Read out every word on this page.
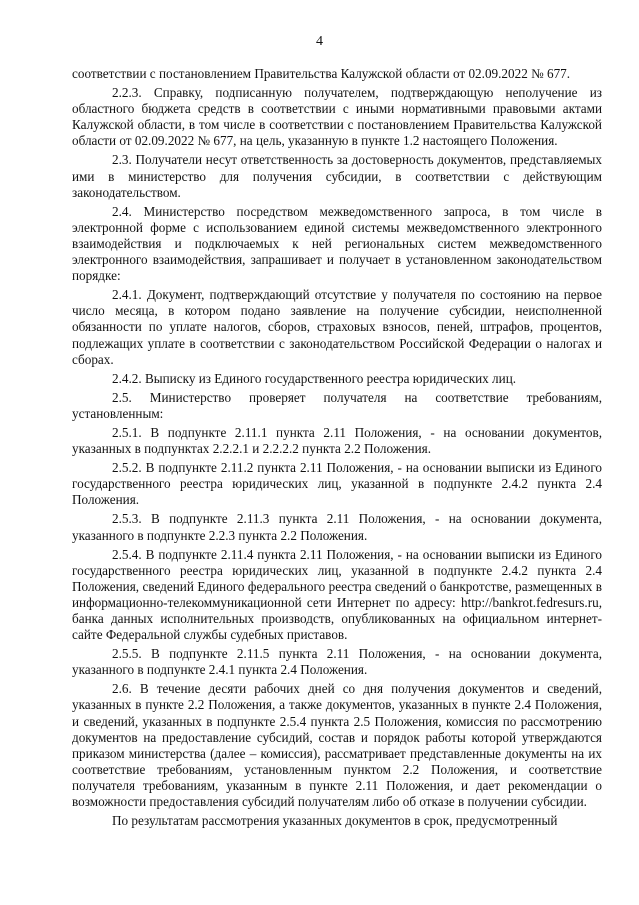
4

соответствии с постановлением Правительства Калужской области от 02.09.2022 № 677.

2.2.3. Справку, подписанную получателем, подтверждающую неполучение из областного бюджета средств в соответствии с иными нормативными правовыми актами Калужской области, в том числе в соответствии с постановлением Правительства Калужской области от 02.09.2022 № 677, на цель, указанную в пункте 1.2 настоящего Положения.

2.3. Получатели несут ответственность за достоверность документов, представляемых ими в министерство для получения субсидии, в соответствии с действующим законодательством.

2.4. Министерство посредством межведомственного запроса, в том числе в электронной форме с использованием единой системы межведомственного электронного взаимодействия и подключаемых к ней региональных систем межведомственного электронного взаимодействия, запрашивает и получает в установленном законодательством порядке:

2.4.1. Документ, подтверждающий отсутствие у получателя по состоянию на первое число месяца, в котором подано заявление на получение субсидии, неисполненной обязанности по уплате налогов, сборов, страховых взносов, пеней, штрафов, процентов, подлежащих уплате в соответствии с законодательством Российской Федерации о налогах и сборах.

2.4.2. Выписку из Единого государственного реестра юридических лиц.

2.5. Министерство проверяет получателя на соответствие требованиям, установленным:

2.5.1. В подпункте 2.11.1 пункта 2.11 Положения, - на основании документов, указанных в подпунктах 2.2.2.1 и 2.2.2.2 пункта 2.2 Положения.

2.5.2. В подпункте 2.11.2 пункта 2.11 Положения, - на основании выписки из Единого государственного реестра юридических лиц, указанной в подпункте 2.4.2 пункта 2.4 Положения.

2.5.3. В подпункте 2.11.3 пункта 2.11 Положения, - на основании документа, указанного в подпункте 2.2.3 пункта 2.2 Положения.

2.5.4. В подпункте 2.11.4 пункта 2.11 Положения, - на основании выписки из Единого государственного реестра юридических лиц, указанной в подпункте 2.4.2 пункта 2.4 Положения, сведений Единого федерального реестра сведений о банкротстве, размещенных в информационно-телекоммуникационной сети Интернет по адресу: http://bankrot.fedresurs.ru, банка данных исполнительных производств, опубликованных на официальном интернет-сайте Федеральной службы судебных приставов.

2.5.5. В подпункте 2.11.5 пункта 2.11 Положения, - на основании документа, указанного в подпункте 2.4.1 пункта 2.4 Положения.

2.6. В течение десяти рабочих дней со дня получения документов и сведений, указанных в пункте 2.2 Положения, а также документов, указанных в пункте 2.4 Положения, и сведений, указанных в подпункте 2.5.4 пункта 2.5 Положения, комиссия по рассмотрению документов на предоставление субсидий, состав и порядок работы которой утверждаются приказом министерства (далее – комиссия), рассматривает представленные документы на их соответствие требованиям, установленным пунктом 2.2 Положения, и соответствие получателя требованиям, указанным в пункте 2.11 Положения, и дает рекомендации о возможности предоставления субсидий получателям либо об отказе в получении субсидии.

По результатам рассмотрения указанных документов в срок, предусмотренный
